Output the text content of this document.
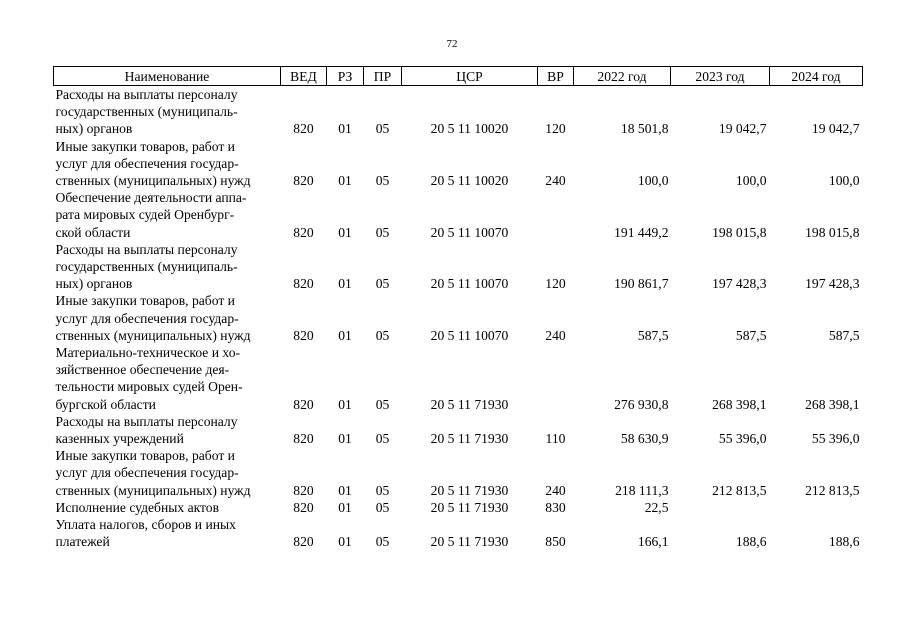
72
Наименование	ВЕД	РЗ	ПР	ЦСР	ВР	2022 год	2023 год	2024 год

Расходы на выплаты персоналу
государственных (муниципаль-
ных) органов	820	01	05	20 5 11 10020	120	18 501,8	19 042,7	19 042,7

Иные закупки товаров, работ и
услуг для обеспечения государ-
ственных (муниципальных) нужд	820	01	05	20 5 11 10020	240	100,0	100,0	100,0

Обеспечение деятельности аппа-
рата мировых судей Оренбург-
ской области	820	01	05	20 5 11 10070		191 449,2	198 015,8	198 015,8

Расходы на выплаты персоналу
государственных (муниципаль-
ных) органов	820	01	05	20 5 11 10070	120	190 861,7	197 428,3	197 428,3

Иные закупки товаров, работ и
услуг для обеспечения государ-
ственных (муниципальных) нужд	820	01	05	20 5 11 10070	240	587,5	587,5	587,5

Материально-техническое и хо-
зяйственное обеспечение дея-
тельности мировых судей Орен-
бургской области	820	01	05	20 5 11 71930		276 930,8	268 398,1	268 398,1

Расходы на выплаты персоналу
казенных учреждений	820	01	05	20 5 11 71930	110	58 630,9	55 396,0	55 396,0

Иные закупки товаров, работ и
услуг для обеспечения государ-
ственных (муниципальных) нужд	820	01	05	20 5 11 71930	240	218 111,3	212 813,5	212 813,5

Исполнение судебных актов	820	01	05	20 5 11 71930	830	22,5		

Уплата налогов, сборов и иных
платежей	820	01	05	20 5 11 71930	850	166,1	188,6	188,6
